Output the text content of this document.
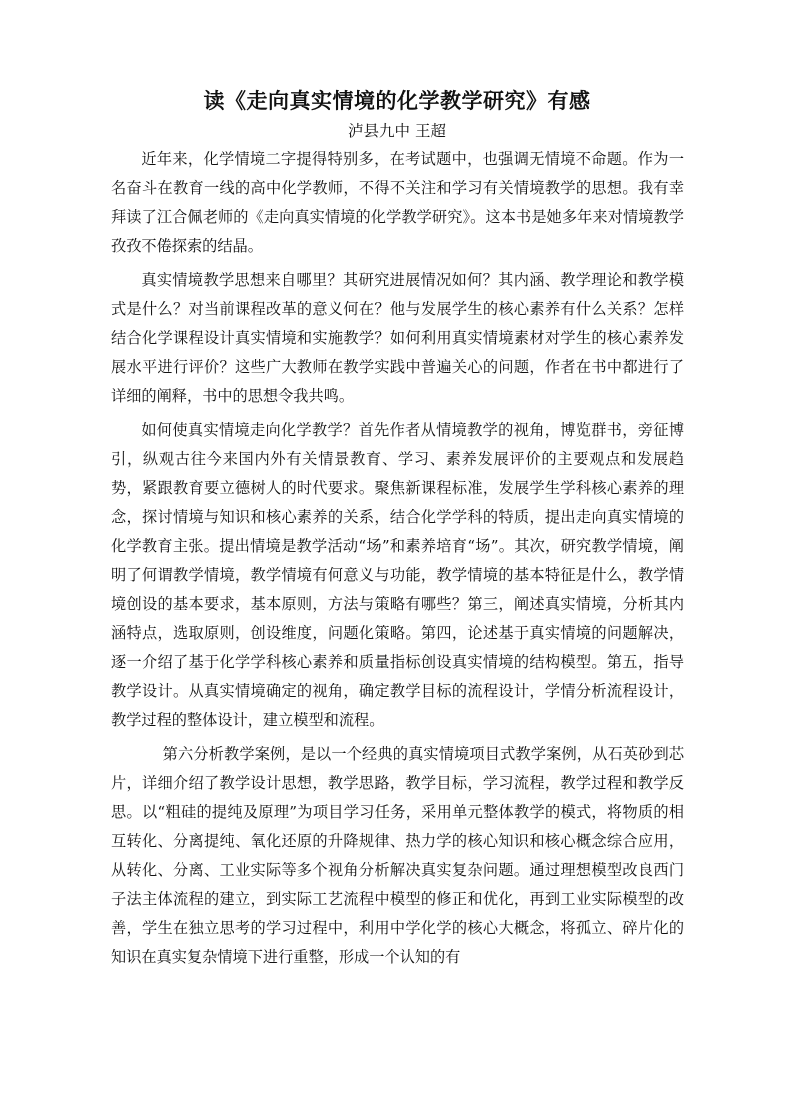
读《走向真实情境的化学教学研究》有感
泸县九中 王超

近年来，化学情境二字提得特别多，在考试题中，也强调无情境不命题。作为一名奋斗在教育一线的高中化学教师，不得不关注和学习有关情境教学的思想。我有幸拜读了江合佩老师的《走向真实情境的化学教学研究》。这本书是她多年来对情境教学孜孜不倦探索的结晶。

真实情境教学思想来自哪里？其研究进展情况如何？其内涵、教学理论和教学模式是什么？对当前课程改革的意义何在？他与发展学生的核心素养有什么关系？怎样结合化学课程设计真实情境和实施教学？如何利用真实情境素材对学生的核心素养发展水平进行评价？这些广大教师在教学实践中普遍关心的问题，作者在书中都进行了详细的阐释，书中的思想令我共鸣。

如何使真实情境走向化学教学？首先作者从情境教学的视角，博览群书，旁征博引，纵观古往今来国内外有关情景教育、学习、素养发展评价的主要观点和发展趋势，紧跟教育要立德树人的时代要求。聚焦新课程标准，发展学生学科核心素养的理念，探讨情境与知识和核心素养的关系，结合化学学科的特质，提出走向真实情境的化学教育主张。提出情境是教学活动“场”和素养培育“场”。其次，研究教学情境，阐明了何谓教学情境，教学情境有何意义与功能，教学情境的基本特征是什么，教学情境创设的基本要求，基本原则，方法与策略有哪些？第三，阐述真实情境，分析其内涵特点，选取原则，创设维度，问题化策略。第四，论述基于真实情境的问题解决，逐一介绍了基于化学学科核心素养和质量指标创设真实情境的结构模型。第五，指导教学设计。从真实情境确定的视角，确定教学目标的流程设计，学情分析流程设计，教学过程的整体设计，建立模型和流程。

第六分析教学案例，是以一个经典的真实情境项目式教学案例，从石英砂到芯片，详细介绍了教学设计思想，教学思路，教学目标，学习流程，教学过程和教学反思。以“粗硅的提纯及原理”为项目学习任务，采用单元整体教学的模式，将物质的相互转化、分离提纯、氧化还原的升降规律、热力学的核心知识和核心概念综合应用，从转化、分离、工业实际等多个视角分析解决真实复杂问题。通过理想模型改良西门子法主体流程的建立，到实际工艺流程中模型的修正和优化，再到工业实际模型的改善，学生在独立思考的学习过程中，利用中学化学的核心大概念，将孤立、碎片化的知识在真实复杂情境下进行重整，形成一个认知的有
